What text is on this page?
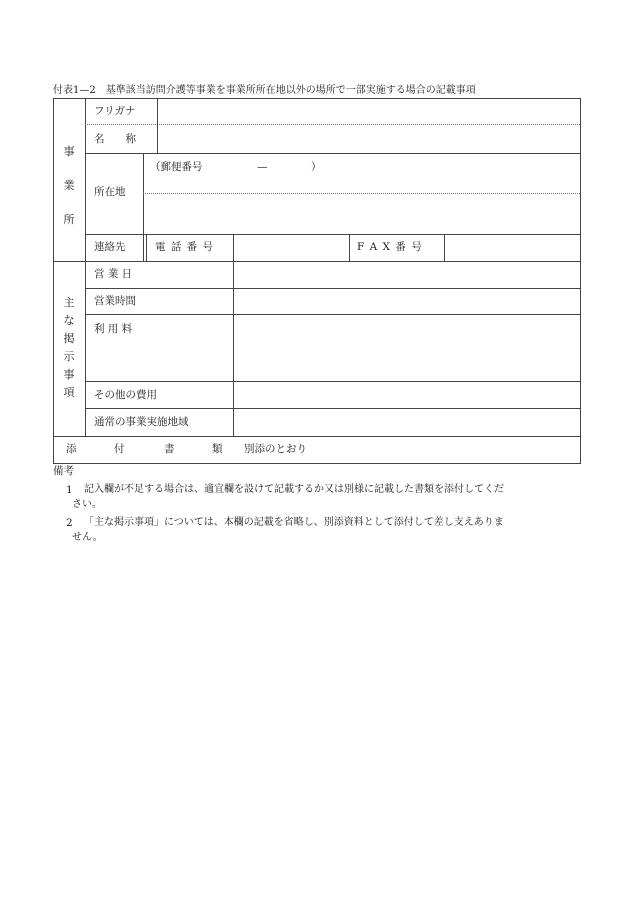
付表1—2　基準該当訪問介護等事業を事業所所在地以外の場所で一部実施する場合の記載事項
事業所
フリガナ
名　　称
所在地
（郵便番号	—	）
連絡先	電 話 番 号	F A X 番 号
主な掲示事項
営 業 日
営業時間
利 用 料
その他の費用
通常の事業実施地域
添	付	書	類 別添のとおり
備考
1 記入欄が不足する場合は、適宜欄を設けて記載するか又は別様に記載した書類を添付してくだ
さい。
2 「主な掲示事項」については、本欄の記載を省略し、別添資料として添付して差し支えありま
せん。
